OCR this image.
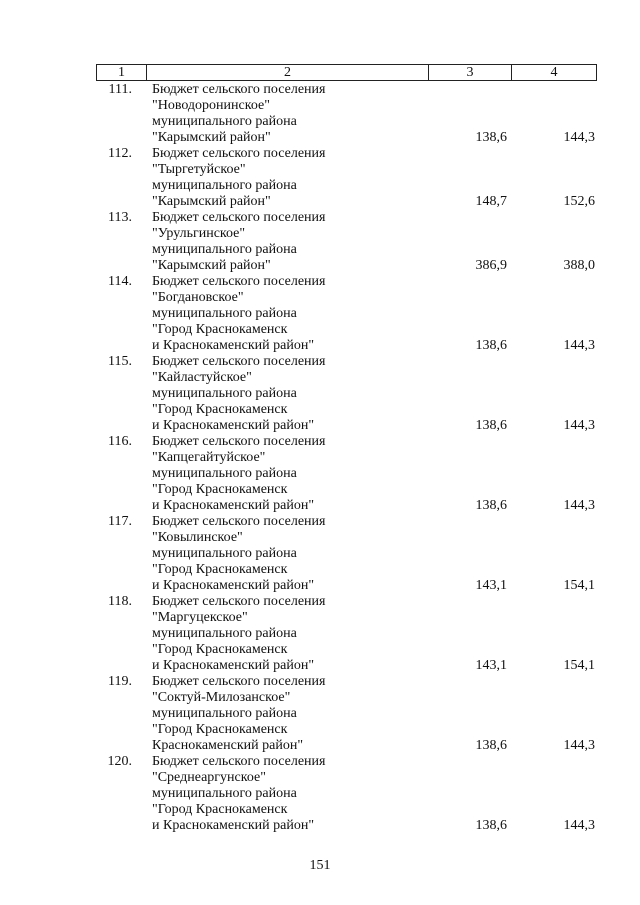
1	2	3	4
111.	Бюджет сельского поселения
"Новодоронинское"
муниципального района
"Карымский район"	138,6	144,3
112.	Бюджет сельского поселения
"Тыргетуйское"
муниципального района
"Карымский район"	148,7	152,6
113.	Бюджет сельского поселения
"Урульгинское"
муниципального района
"Карымский район"	386,9	388,0
114.	Бюджет сельского поселения
"Богдановское"
муниципального района
"Город Краснокаменск
и Краснокаменский район"	138,6	144,3
115.	Бюджет сельского поселения
"Кайластуйское"
муниципального района
"Город Краснокаменск
и Краснокаменский район"	138,6	144,3
116.	Бюджет сельского поселения
"Капцегайтуйское"
муниципального района
"Город Краснокаменск
и Краснокаменский район"	138,6	144,3
117.	Бюджет сельского поселения
"Ковылинское"
муниципального района
"Город Краснокаменск
и Краснокаменский район"	143,1	154,1
118.	Бюджет сельского поселения
"Маргуцекское"
муниципального района
"Город Краснокаменск
и Краснокаменский район"	143,1	154,1
119.	Бюджет сельского поселения
"Соктуй-Милозанское"
муниципального района
"Город Краснокаменск
Краснокаменский район"	138,6	144,3
120.	Бюджет сельского поселения
"Среднеаргунское"
муниципального района
"Город Краснокаменск
и Краснокаменский район"	138,6	144,3
151
